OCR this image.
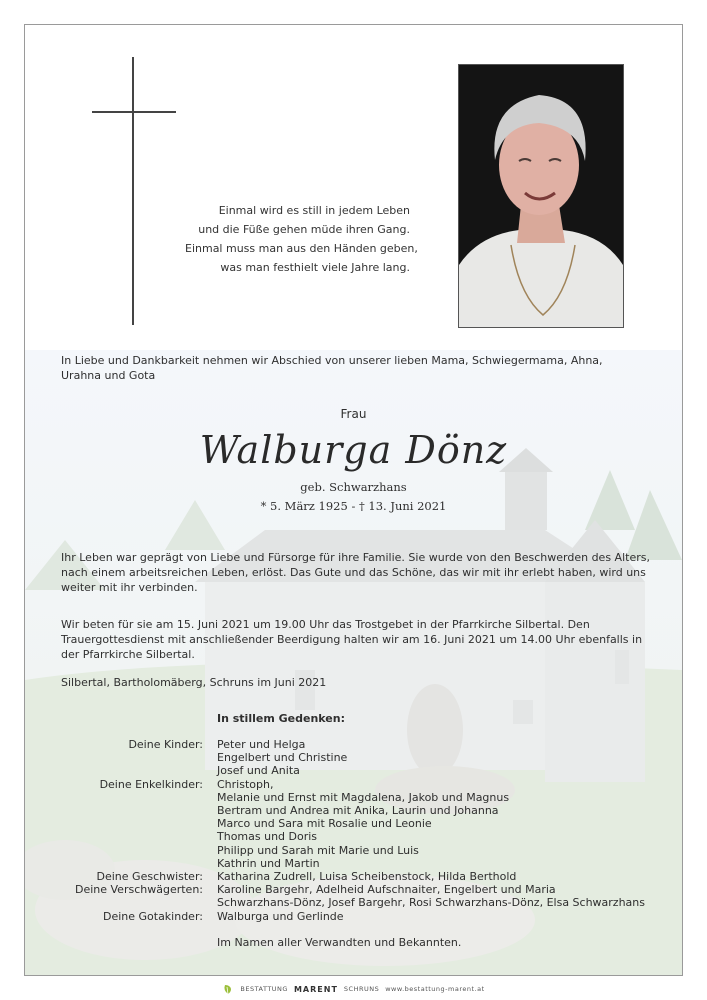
Einmal wird es still in jedem Leben
und die Füße gehen müde ihren Gang.
Einmal muss man aus den Händen geben,
was man festhielt viele Jahre lang.
In Liebe und Dankbarkeit nehmen wir Abschied von unserer lieben Mama, Schwiegermama, Ahna, Urahna und Gota
Frau
Walburga Dönz
geb. Schwarzhans
* 5. März 1925 - † 13. Juni 2021
Ihr Leben war geprägt von Liebe und Fürsorge für ihre Familie. Sie wurde von den Beschwerden des Alters, nach einem arbeitsreichen Leben, erlöst. Das Gute und das Schöne, das wir mit ihr erlebt haben, wird uns weiter mit ihr verbinden.
Wir beten für sie am 15. Juni 2021 um 19.00 Uhr das Trostgebet in der Pfarrkirche Silbertal. Den Trauergottesdienst mit anschließender Beerdigung halten wir am 16. Juni 2021 um 14.00 Uhr ebenfalls in der Pfarrkirche Silbertal.
Silbertal, Bartholomäberg, Schruns im Juni 2021
In stillem Gedenken:
Deine Kinder:	Peter und Helga
Engelbert und Christine
Josef und Anita
Deine Enkelkinder:	Christoph,
Melanie und Ernst mit Magdalena, Jakob und Magnus
Bertram und Andrea mit Anika, Laurin und Johanna
Marco und Sara mit Rosalie und Leonie
Thomas und Doris
Philipp und Sarah mit Marie und Luis
Kathrin und Martin
Deine Geschwister:	Katharina Zudrell, Luisa Scheibenstock, Hilda Berthold
Deine Verschwägerten:	Karoline Bargehr, Adelheid Aufschnaiter, Engelbert und Maria
Schwarzhans-Dönz, Josef Bargehr, Rosi Schwarzhans-Dönz, Elsa Schwarzhans
Deine Gotakinder:	Walburga und Gerlinde
Im Namen aller Verwandten und Bekannten.
BESTATTUNG MARENT SCHRUNS www.bestattung-marent.at
